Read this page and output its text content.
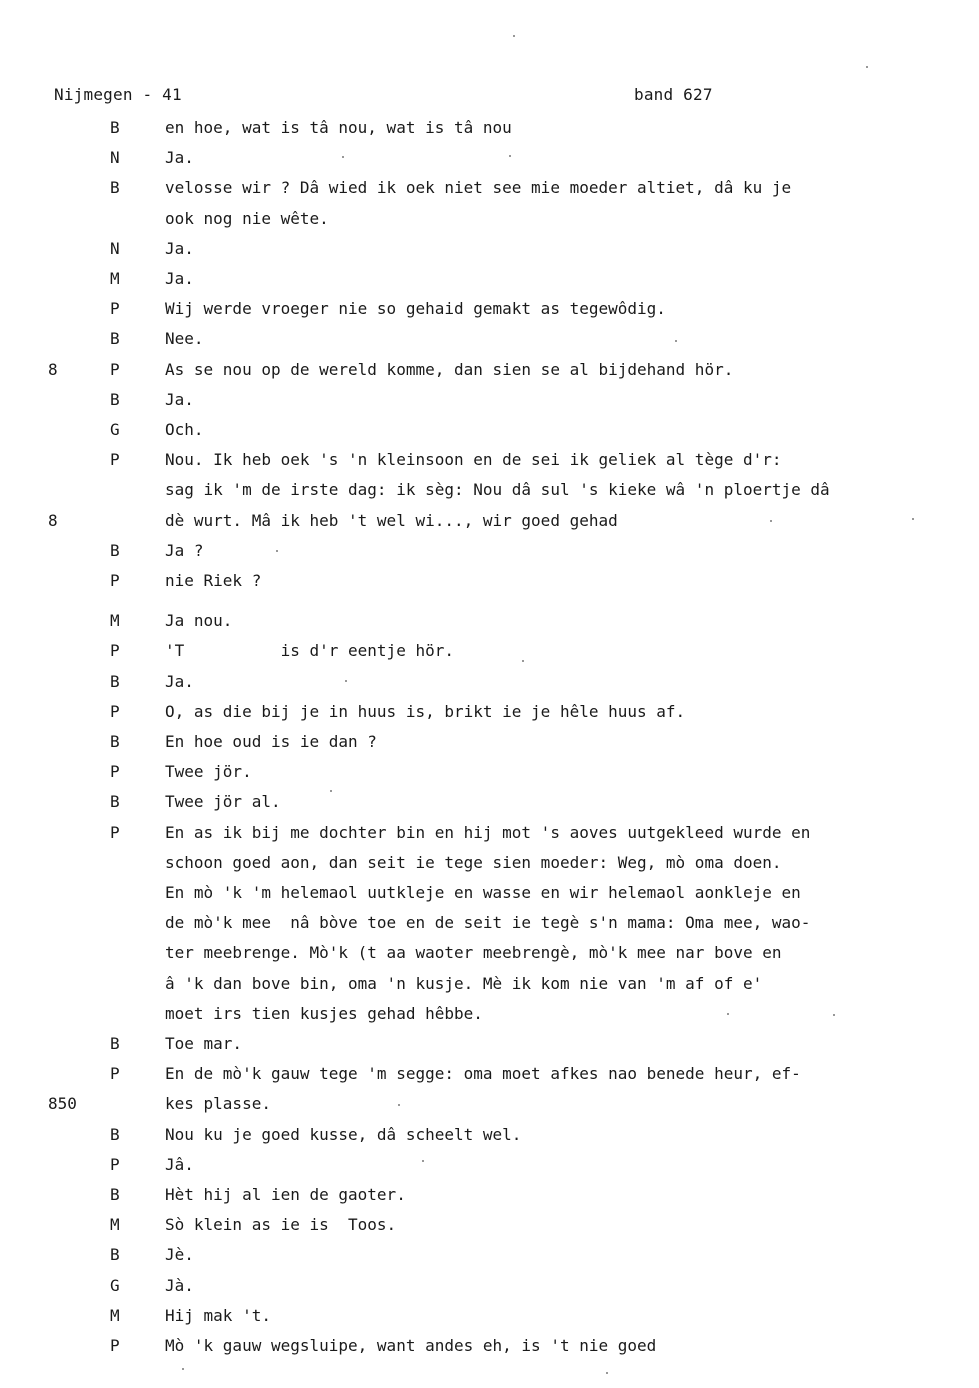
Nijmegen - 41	band 627
B	en hoe, wat is tâ nou, wat is tâ nou
N	Ja.
B	velosse wir ? Dâ wied ik oek niet see mie moeder altiet, dâ ku je
ook nog nie wête.
N	Ja.
M	Ja.
P	Wij werde vroeger nie so gehaid gemakt as tegewôdig.
B	Nee.
8	P	As se nou op de wereld komme, dan sien se al bijdehand hör.
B	Ja.
G	Och.
P	Nou. Ik heb oek 's 'n kleinsoon en de sei ik geliek al tège d'r:
sag ik 'm de irste dag: ik sèg: Nou dâ sul 's kieke wâ 'n ploertje dâ
8	dè wurt. Mâ ik heb 't wel wi..., wir goed gehad
B	Ja ?
P	nie Riek ?
M	Ja nou.
P	'T          is d'r eentje hör.
B	Ja.
P	O, as die bij je in huus is, brikt ie je hêle huus af.
B	En hoe oud is ie dan ?
P	Twee jör.
B	Twee jör al.
P	En as ik bij me dochter bin en hij mot 's aoves uutgekleed wurde en
schoon goed aon, dan seit ie tege sien moeder: Weg, mò oma doen.
En mò 'k 'm helemaol uutkleje en wasse en wir helemaol aonkleje en
de mò'k mee  nâ bòve toe en de seit ie tegè s'n mama: Oma mee, wao-
ter meebrenge. Mò'k (t aa waoter meebrengè, mò'k mee nar bove en
â 'k dan bove bin, oma 'n kusje. Mè ik kom nie van 'm af of e'
moet irs tien kusjes gehad hêbbe.
B	Toe mar.
P	En de mò'k gauw tege 'm segge: oma moet afkes nao benede heur, ef-
850	kes plasse.
B	Nou ku je goed kusse, dâ scheelt wel.
P	Jâ.
B	Hèt hij al ien de gaoter.
M	Sò klein as ie is  Toos.
B	Jè.
G	Jà.
M	Hij mak 't.
P	Mò 'k gauw wegsluipe, want andes eh, is 't nie goed
